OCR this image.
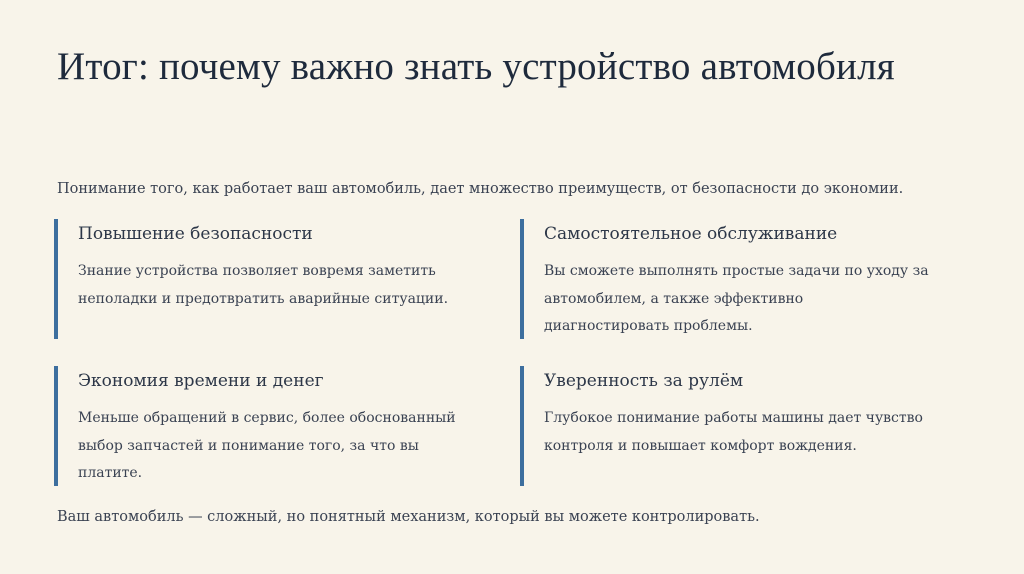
Итог: почему важно знать устройство автомобиля
Понимание того, как работает ваш автомобиль, дает множество преимуществ, от безопасности до экономии.
Повышение безопасности
Знание устройства позволяет вовремя заметить неполадки и предотвратить аварийные ситуации.
Самостоятельное обслуживание
Вы сможете выполнять простые задачи по уходу за автомобилем, а также эффективно диагностировать проблемы.
Экономия времени и денег
Меньше обращений в сервис, более обоснованный выбор запчастей и понимание того, за что вы платите.
Уверенность за рулём
Глубокое понимание работы машины дает чувство контроля и повышает комфорт вождения.
Ваш автомобиль — сложный, но понятный механизм, который вы можете контролировать.
